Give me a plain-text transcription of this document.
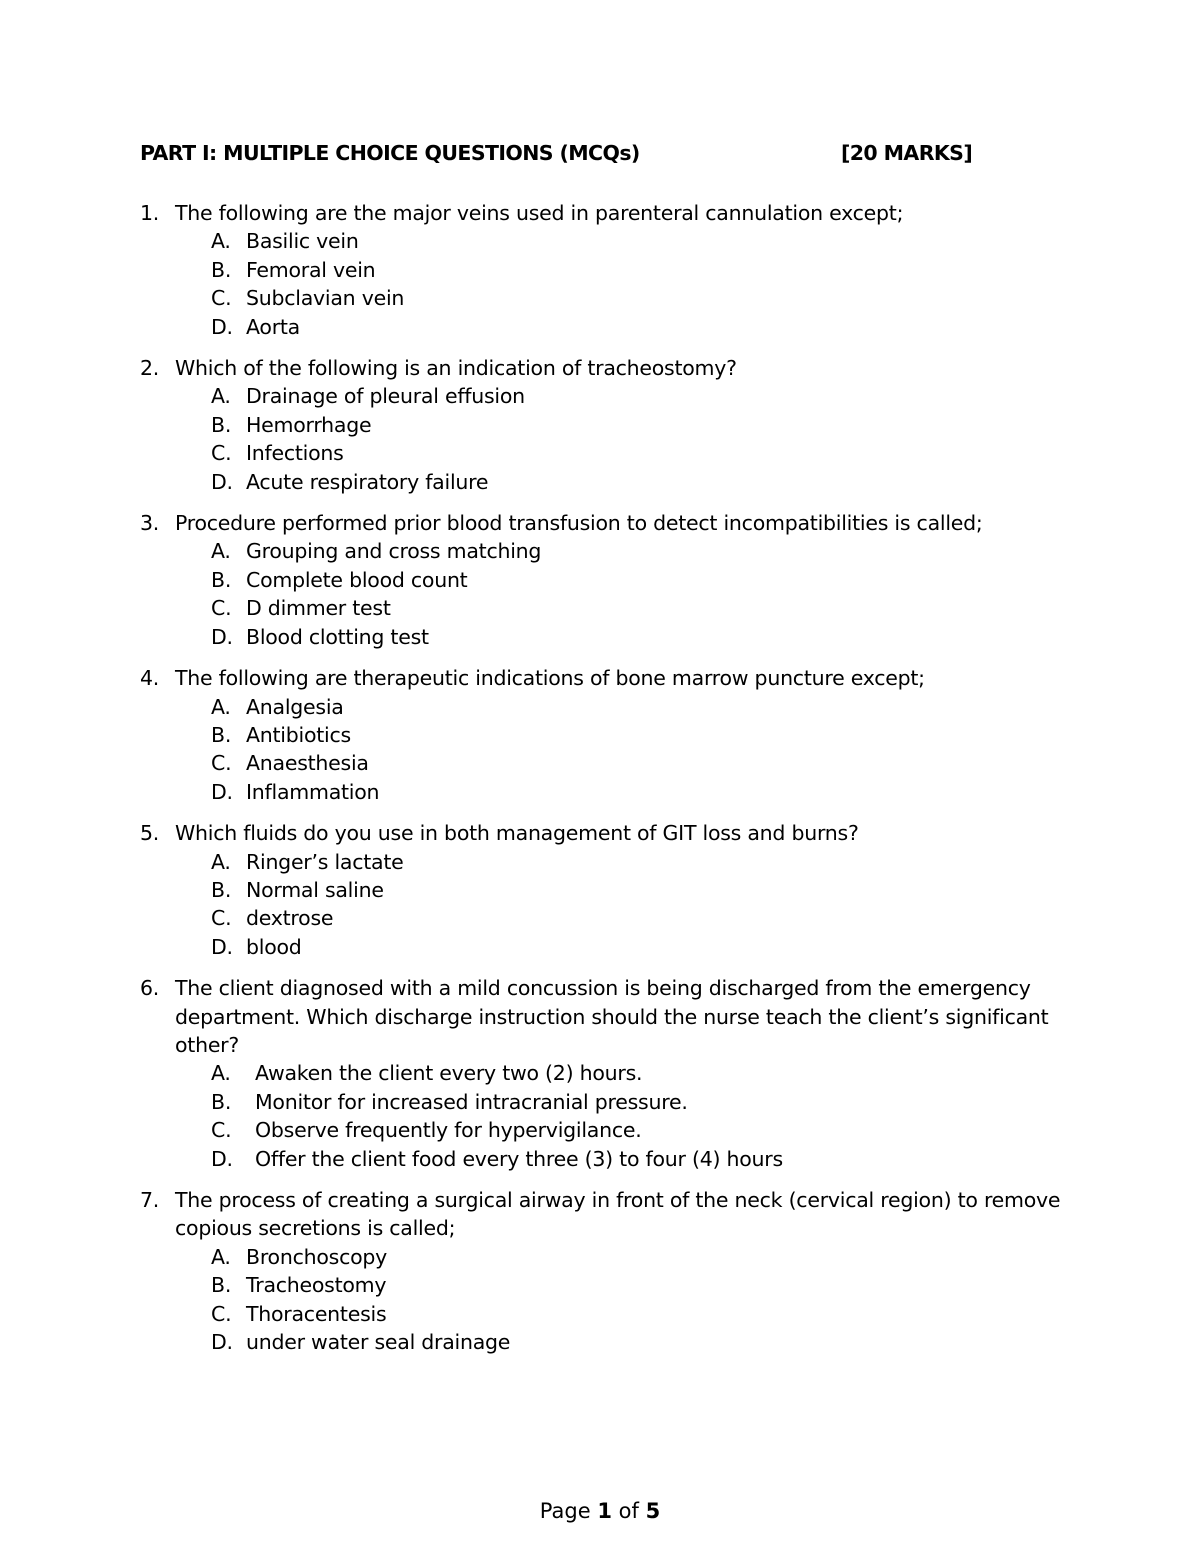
PART I: MULTIPLE CHOICE QUESTIONS (MCQs)	[20 MARKS]
1. The following are the major veins used in parenteral cannulation except;
A. Basilic vein
B. Femoral vein
C. Subclavian vein
D. Aorta
2. Which of the following is an indication of tracheostomy?
A. Drainage of pleural effusion
B. Hemorrhage
C. Infections
D. Acute respiratory failure
3. Procedure performed prior blood transfusion to detect incompatibilities is called;
A. Grouping and cross matching
B. Complete blood count
C. D dimmer test
D. Blood clotting test
4. The following are therapeutic indications of bone marrow puncture except;
A. Analgesia
B. Antibiotics
C. Anaesthesia
D. Inflammation
5. Which fluids do you use in both management of GIT loss and burns?
A. Ringer’s lactate
B. Normal saline
C. dextrose
D. blood
6. The client diagnosed with a mild concussion is being discharged from the emergency department. Which discharge instruction should the nurse teach the client’s significant other?
A. Awaken the client every two (2) hours.
B. Monitor for increased intracranial pressure.
C. Observe frequently for hypervigilance.
D. Offer the client food every three (3) to four (4) hours
7. The process of creating a surgical airway in front of the neck (cervical region) to remove copious secretions is called;
A. Bronchoscopy
B. Tracheostomy
C. Thoracentesis
D. under water seal drainage
Page 1 of 5
